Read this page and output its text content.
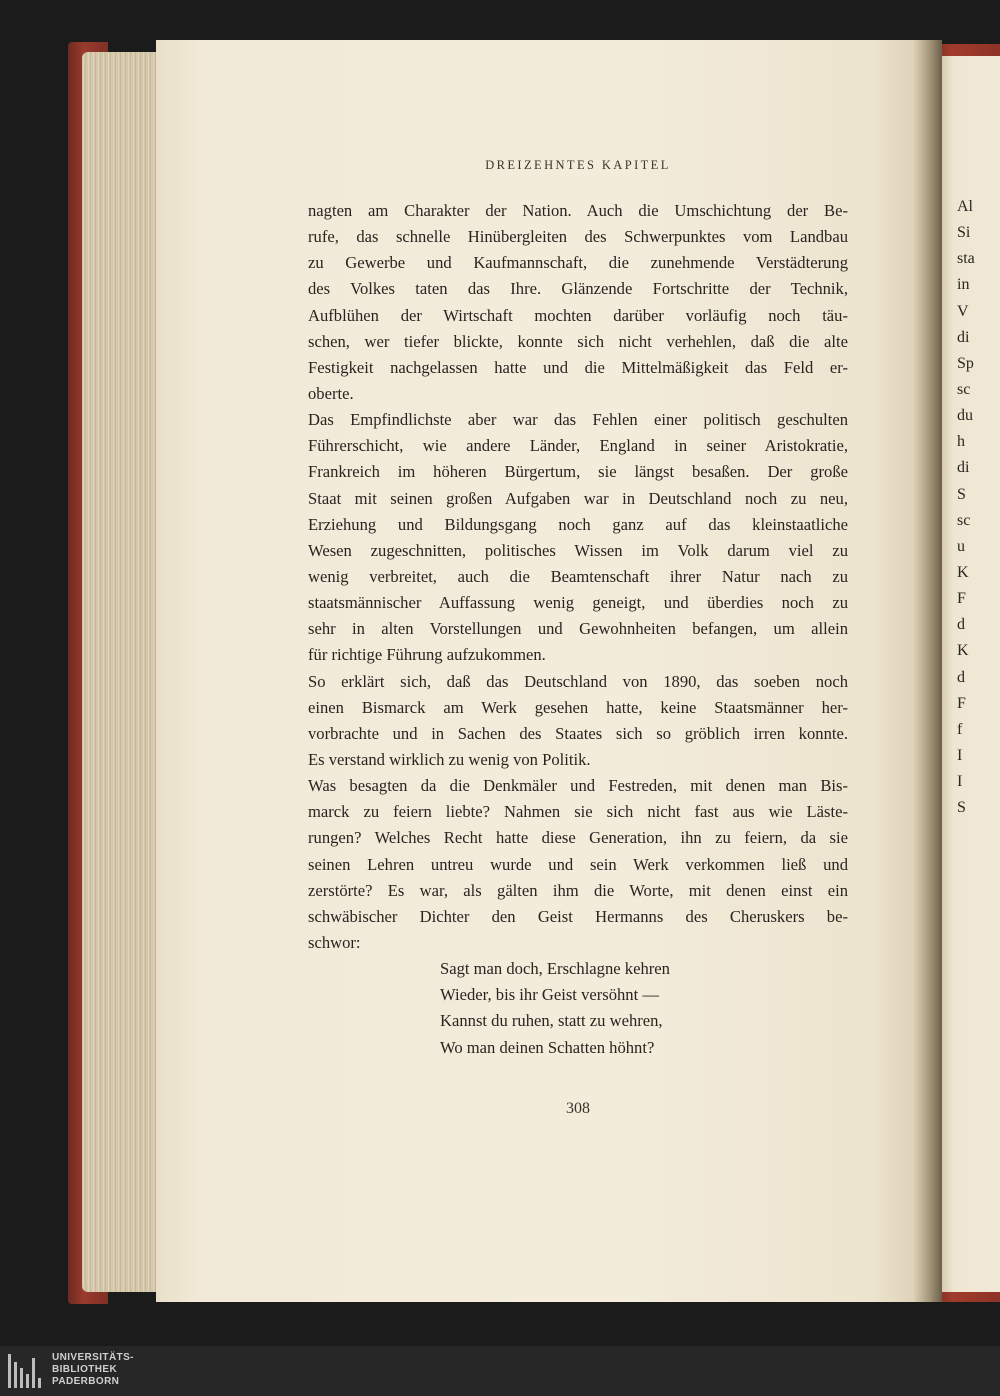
Al
Si
sta
in
V
di
Sp
sc
du
h
di
S
sc
u
K
F
d
K
d
F
f
I
I
S
DREIZEHNTES KAPITEL
nagten am Charakter der Nation. Auch die Umschichtung der Be-
rufe, das schnelle Hinübergleiten des Schwerpunktes vom Landbau
zu Gewerbe und Kaufmannschaft, die zunehmende Verstädterung
des Volkes taten das Ihre. Glänzende Fortschritte der Technik,
Aufblühen der Wirtschaft mochten darüber vorläufig noch täu-
schen, wer tiefer blickte, konnte sich nicht verhehlen, daß die alte
Festigkeit nachgelassen hatte und die Mittelmäßigkeit das Feld er-
oberte.
Das Empfindlichste aber war das Fehlen einer politisch geschulten
Führerschicht, wie andere Länder, England in seiner Aristokratie,
Frankreich im höheren Bürgertum, sie längst besaßen. Der große
Staat mit seinen großen Aufgaben war in Deutschland noch zu neu,
Erziehung und Bildungsgang noch ganz auf das kleinstaatliche
Wesen zugeschnitten, politisches Wissen im Volk darum viel zu
wenig verbreitet, auch die Beamtenschaft ihrer Natur nach zu
staatsmännischer Auffassung wenig geneigt, und überdies noch zu
sehr in alten Vorstellungen und Gewohnheiten befangen, um allein
für richtige Führung aufzukommen.
So erklärt sich, daß das Deutschland von 1890, das soeben noch
einen Bismarck am Werk gesehen hatte, keine Staatsmänner her-
vorbrachte und in Sachen des Staates sich so gröblich irren konnte.
Es verstand wirklich zu wenig von Politik.
Was besagten da die Denkmäler und Festreden, mit denen man Bis-
marck zu feiern liebte? Nahmen sie sich nicht fast aus wie Läste-
rungen? Welches Recht hatte diese Generation, ihn zu feiern, da sie
seinen Lehren untreu wurde und sein Werk verkommen ließ und
zerstörte? Es war, als gälten ihm die Worte, mit denen einst ein
schwäbischer Dichter den Geist Hermanns des Cheruskers be-
schwor:
Sagt man doch, Erschlagne kehren
Wieder, bis ihr Geist versöhnt —
Kannst du ruhen, statt zu wehren,
Wo man deinen Schatten höhnt?
308
UNIVERSITÄTS-
BIBLIOTHEK
PADERBORN
